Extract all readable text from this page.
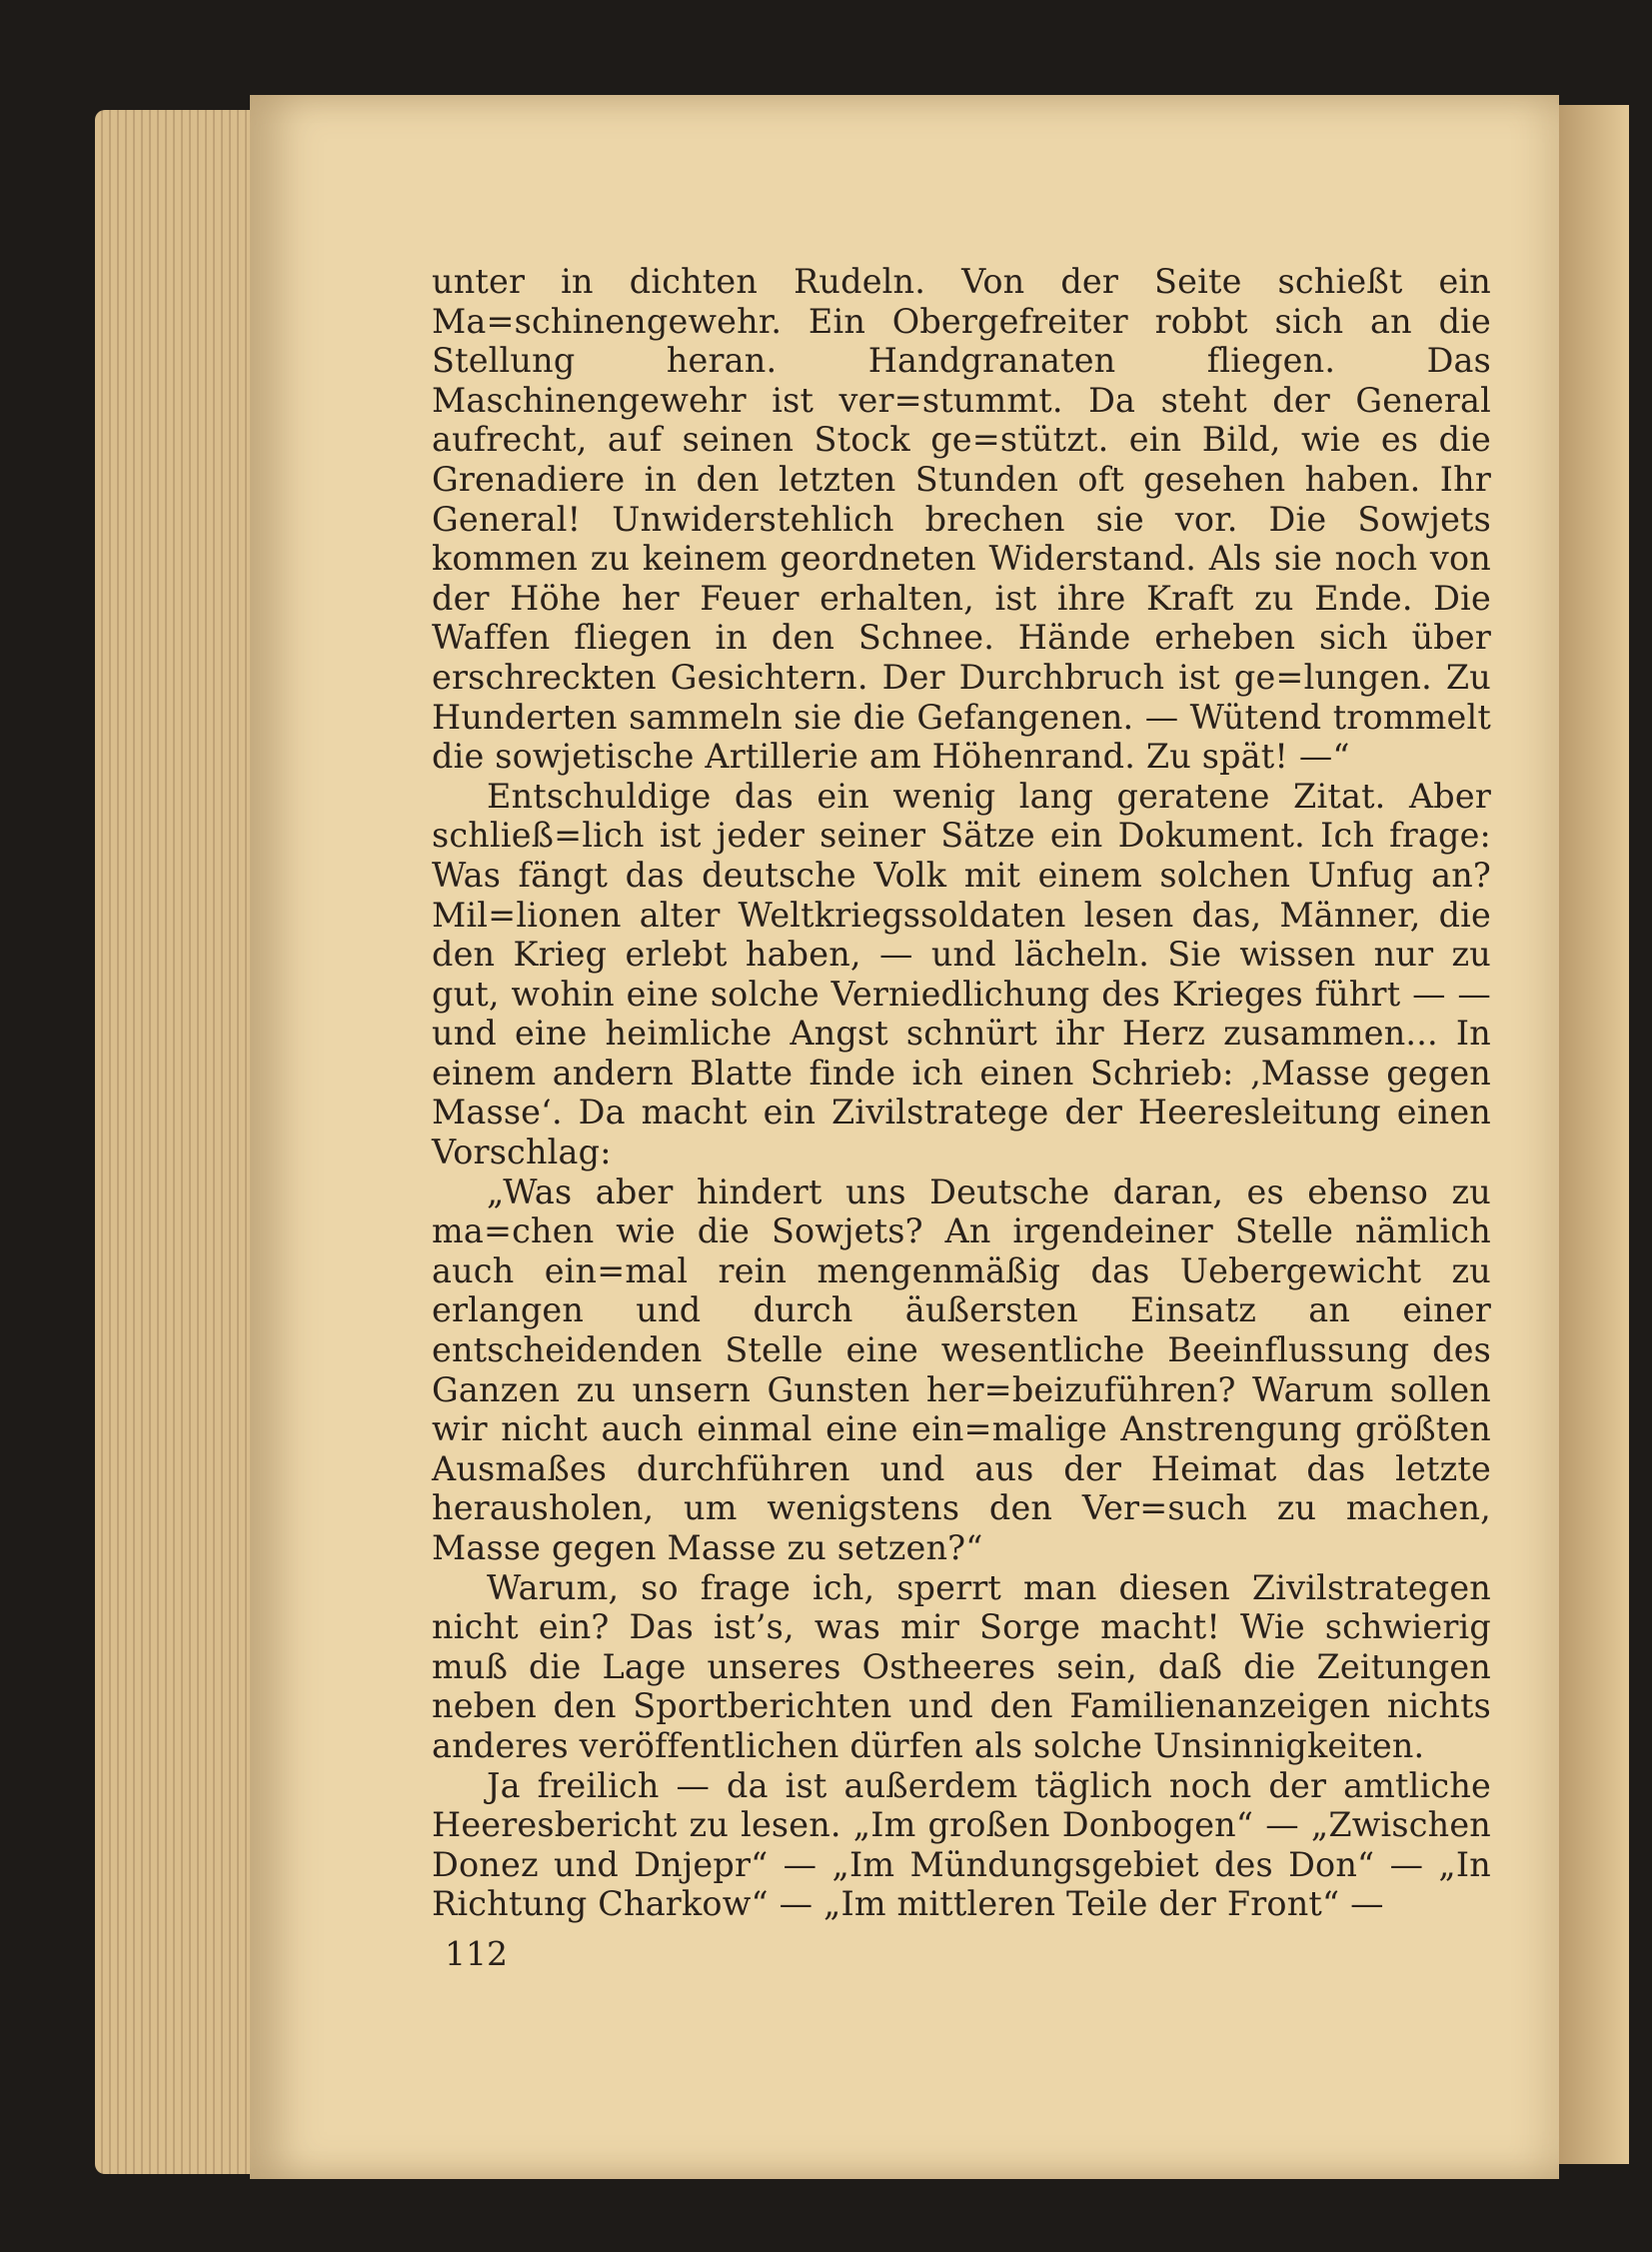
unter in dichten Rudeln. Von der Seite schießt ein Ma=schinengewehr. Ein Obergefreiter robbt sich an die Stellung heran. Handgranaten fliegen. Das Maschinengewehr ist ver=stummt. Da steht der General aufrecht, auf seinen Stock ge=stützt. ein Bild, wie es die Grenadiere in den letzten Stunden oft gesehen haben. Ihr General! Unwiderstehlich brechen sie vor. Die Sowjets kommen zu keinem geordneten Widerstand. Als sie noch von der Höhe her Feuer erhalten, ist ihre Kraft zu Ende. Die Waffen fliegen in den Schnee. Hände erheben sich über erschreckten Gesichtern. Der Durchbruch ist ge=lungen. Zu Hunderten sammeln sie die Gefangenen. — Wütend trommelt die sowjetische Artillerie am Höhenrand. Zu spät! —“

Entschuldige das ein wenig lang geratene Zitat. Aber schließ=lich ist jeder seiner Sätze ein Dokument. Ich frage: Was fängt das deutsche Volk mit einem solchen Unfug an? Mil=lionen alter Weltkriegssoldaten lesen das, Männer, die den Krieg erlebt haben, — und lächeln. Sie wissen nur zu gut, wohin eine solche Verniedlichung des Krieges führt — — und eine heimliche Angst schnürt ihr Herz zusammen... In einem andern Blatte finde ich einen Schrieb: ‚Masse gegen Masse‘. Da macht ein Zivilstratege der Heeresleitung einen Vorschlag:

„Was aber hindert uns Deutsche daran, es ebenso zu ma=chen wie die Sowjets? An irgendeiner Stelle nämlich auch ein=mal rein mengenmäßig das Uebergewicht zu erlangen und durch äußersten Einsatz an einer entscheidenden Stelle eine wesentliche Beeinflussung des Ganzen zu unsern Gunsten her=beizuführen? Warum sollen wir nicht auch einmal eine ein=malige Anstrengung größten Ausmaßes durchführen und aus der Heimat das letzte herausholen, um wenigstens den Ver=such zu machen, Masse gegen Masse zu setzen?“

Warum, so frage ich, sperrt man diesen Zivilstrategen nicht ein? Das ist’s, was mir Sorge macht! Wie schwierig muß die Lage unseres Ostheeres sein, daß die Zeitungen neben den Sportberichten und den Familienanzeigen nichts anderes veröffentlichen dürfen als solche Unsinnigkeiten.

Ja freilich — da ist außerdem täglich noch der amtliche Heeresbericht zu lesen. „Im großen Donbogen“ — „Zwischen Donez und Dnjepr“ — „Im Mündungsgebiet des Don“ — „In Richtung Charkow“ — „Im mittleren Teile der Front“ —

112
